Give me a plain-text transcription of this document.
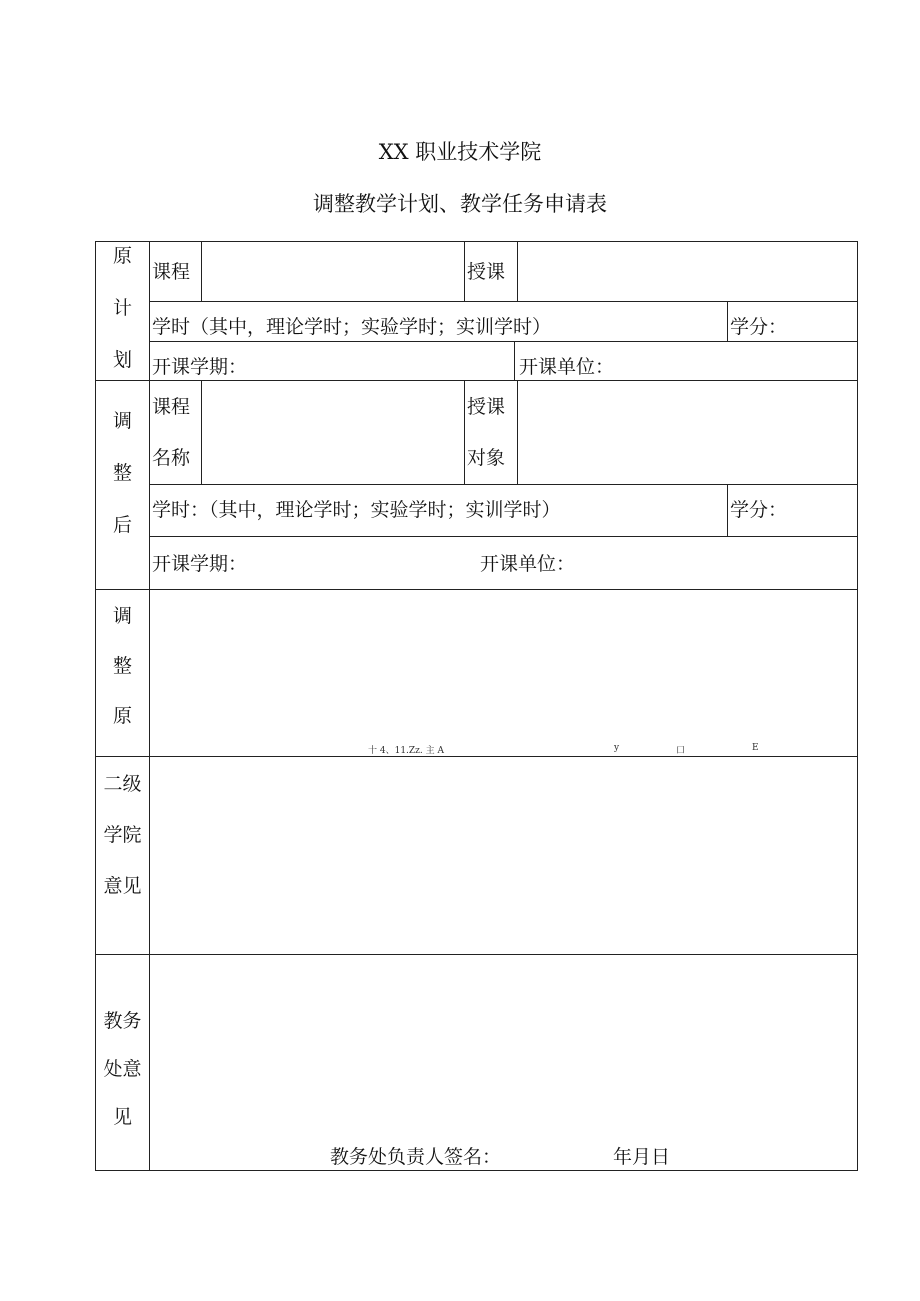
XX 职业技术学院
调整教学计划、教学任务申请表
原
计
划
课程	授课
学时（其中，理论学时；实验学时；实训学时）	学分：
开课学期：	开课单位：
调
整
后
课程
名称
授课
对象
学时：（其中，理论学时；实验学时；实训学时）	学分：
开课学期：	开课单位：
调
整
原
十 4、11.Zz. 主 A	y	口	E
二级
学院
意见
教务
处意
见
教务处负责人签名：	年月日
